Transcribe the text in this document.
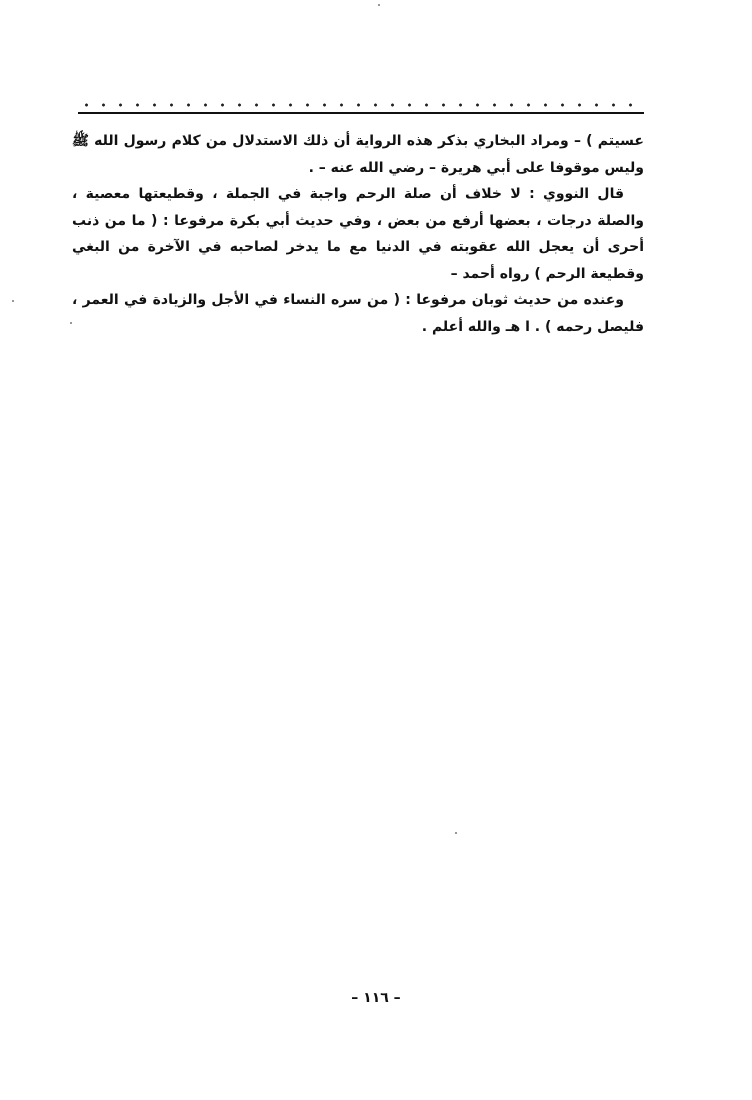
عسيتم ) – ومراد البخاري بذكر هذه الرواية أن ذلك الاستدلال من كلام رسول الله ﷺ وليس موقوفا على أبي هريرة – رضي الله عنه – .

قال النووي : لا خلاف أن صلة الرحم واجبة في الجملة ، وقطيعتها معصية ، والصلة درجات ، بعضها أرفع من بعض ، وفي حديث أبي بكرة مرفوعا : ( ما من ذنب أحرى أن يعجل الله عقوبته في الدنيا مع ما يدخر لصاحبه في الآخرة من البغي وقطيعة الرحم ) رواه أحمد –

وعنده من حديث ثوبان مرفوعا : ( من سره النساء في الأجل والزيادة في العمر ، فليصل رحمه ) . ا هـ والله أعلم .

– ١١٦ –
